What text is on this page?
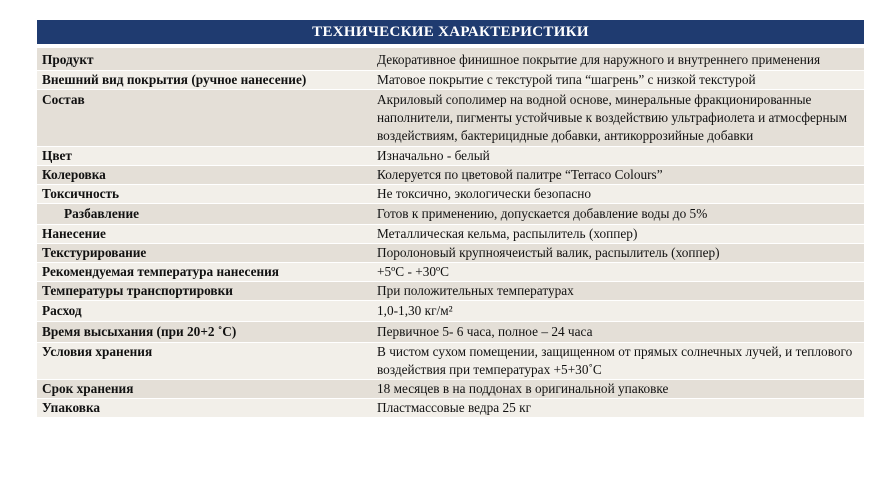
ТЕХНИЧЕСКИЕ ХАРАКТЕРИСТИКИ
Продукт	Декоративное финишное покрытие для наружного и внутреннего применения
Внешний вид покрытия (ручное нанесение)	Матовое покрытие с текстурой типа “шагрень” с низкой текстурой
Состав	Акриловый сополимер на водной основе, минеральные фракционированные наполнители, пигменты устойчивые к воздействию ультрафиолета и атмосферным воздействиям, бактерицидные добавки, антикоррозийные добавки
Цвет	Изначально - белый
Колеровка	Колеруется по цветовой палитре “Terraco Colours”
Токсичность	Не токсично, экологически безопасно
Разбавление	Готов к применению, допускается добавление воды до 5%
Нанесение	Металлическая кельма, распылитель (хоппер)
Текстурирование	Поролоновый крупноячеистый валик, распылитель (хоппер)
Рекомендуемая температура нанесения	+5ºС - +30ºС
Температуры транспортировки	При положительных температурах
Расход	1,0-1,30 кг/м²
Время высыхания (при 20+2 ˚С)	Первичное 5- 6 часа, полное – 24 часа
Условия хранения	В чистом сухом помещении, защищенном от прямых солнечных лучей, и теплового воздействия при температурах +5+30˚С
Срок хранения	18 месяцев в на поддонах в оригинальной упаковке
Упаковка	Пластмассовые ведра 25 кг
